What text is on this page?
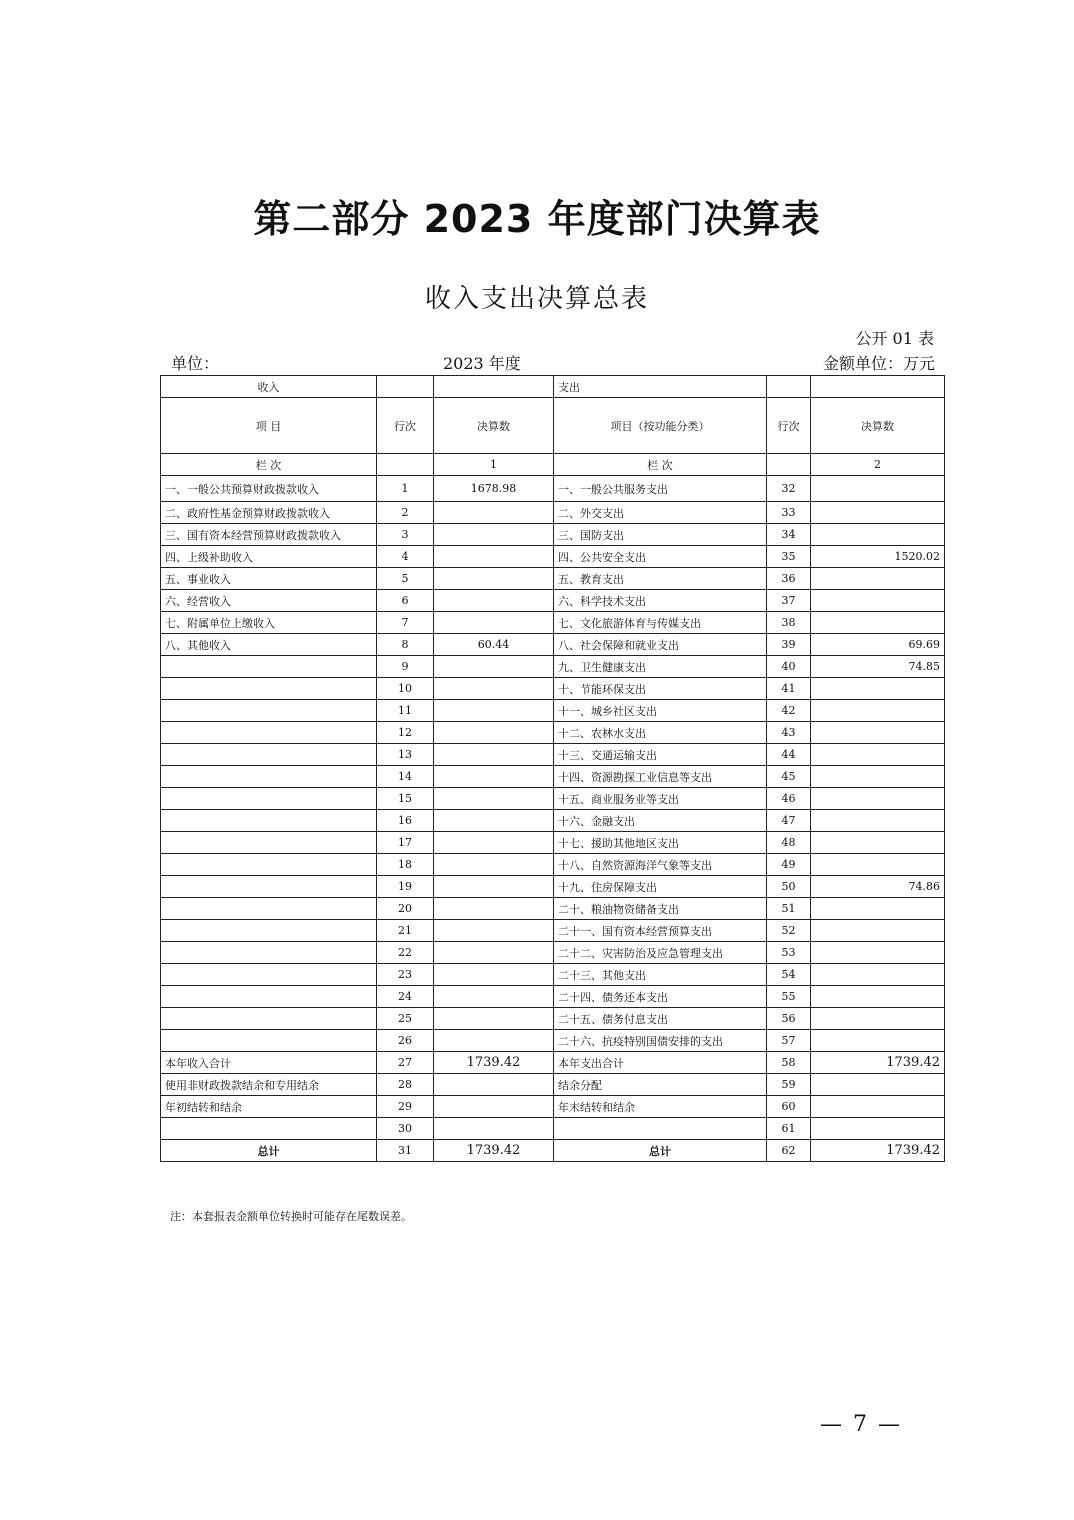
第二部分 2023 年度部门决算表
收入支出决算总表
公开 01 表
单位：	2023 年度	金额单位：万元
收入			支出		
项 目	行次	决算数	项目（按功能分类）	行次	决算数
栏 次		1	栏 次		2
一、一般公共预算财政拨款收入	1	1678.98	一、一般公共服务支出	32	
二、政府性基金预算财政拨款收入	2		二、外交支出	33	
三、国有资本经营预算财政拨款收入	3		三、国防支出	34	
四、上级补助收入	4		四、公共安全支出	35	1520.02
五、事业收入	5		五、教育支出	36	
六、经营收入	6		六、科学技术支出	37	
七、附属单位上缴收入	7		七、文化旅游体育与传媒支出	38	
八、其他收入	8	60.44	八、社会保障和就业支出	39	69.69
	9		九、卫生健康支出	40	74.85
	10		十、节能环保支出	41	
	11		十一、城乡社区支出	42	
	12		十二、农林水支出	43	
	13		十三、交通运输支出	44	
	14		十四、资源勘探工业信息等支出	45	
	15		十五、商业服务业等支出	46	
	16		十六、金融支出	47	
	17		十七、援助其他地区支出	48	
	18		十八、自然资源海洋气象等支出	49	
	19		十九、住房保障支出	50	74.86
	20		二十、粮油物资储备支出	51	
	21		二十一、国有资本经营预算支出	52	
	22		二十二、灾害防治及应急管理支出	53	
	23		二十三、其他支出	54	
	24		二十四、债务还本支出	55	
	25		二十五、债务付息支出	56	
	26		二十六、抗疫特别国债安排的支出	57	
本年收入合计	27	1739.42	本年支出合计	58	1739.42
使用非财政拨款结余和专用结余	28		结余分配	59	
年初结转和结余	29		年末结转和结余	60	
	30			61	
总计	31	1739.42	总计	62	1739.42
注：本套报表金额单位转换时可能存在尾数误差。
— 7 —
